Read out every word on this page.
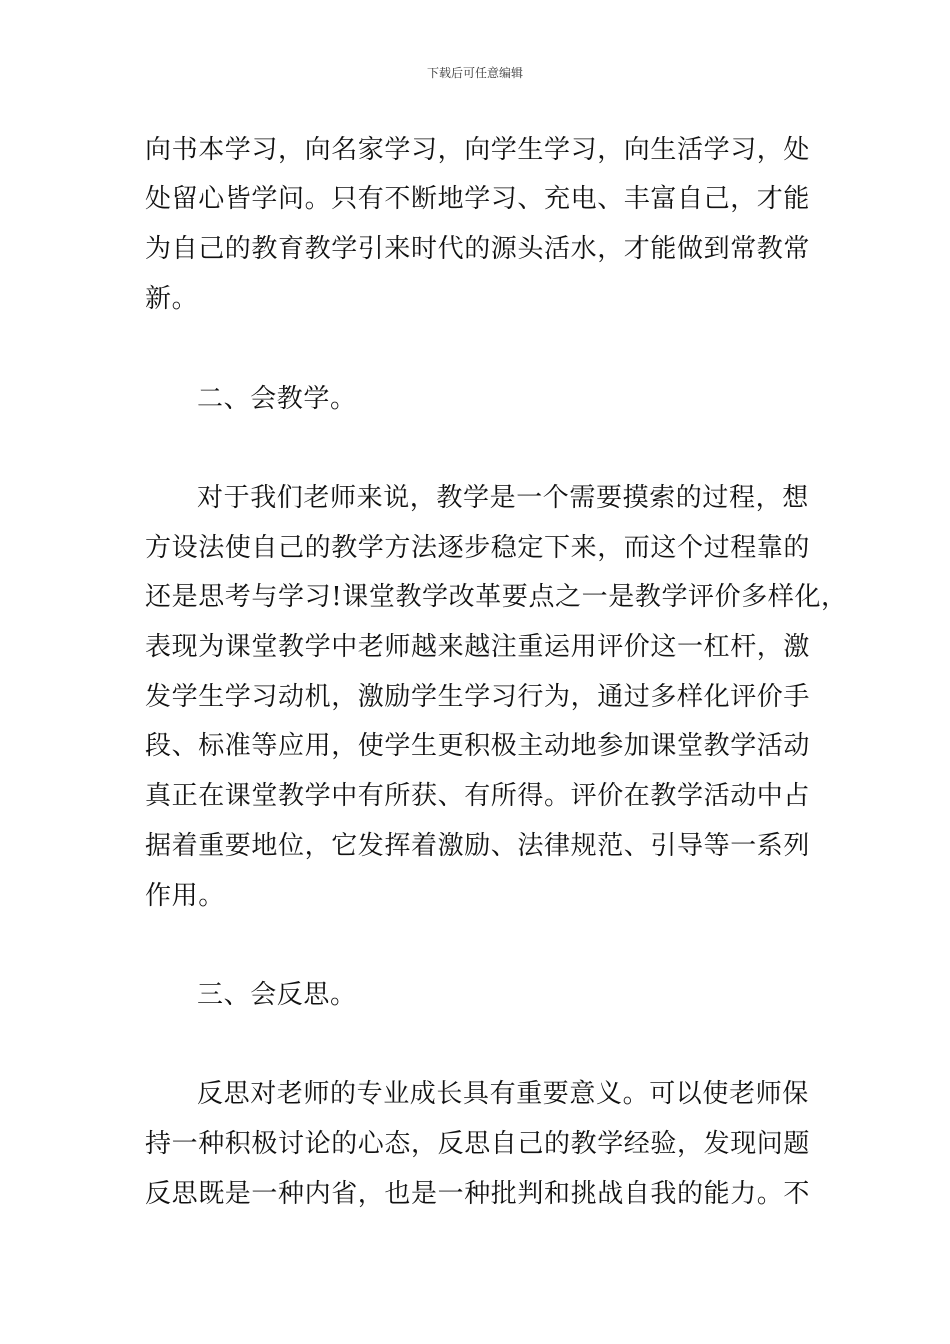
下载后可任意编辑
向书本学习，向名家学习，向学生学习，向生活学习，处
处留心皆学问。只有不断地学习、充电、丰富自己，才能
为自己的教育教学引来时代的源头活水，才能做到常教常
新。
二、会教学。
对于我们老师来说，教学是一个需要摸索的过程，想
方设法使自己的教学方法逐步稳定下来，而这个过程靠的
还是思考与学习!课堂教学改革要点之一是教学评价多样化，
表现为课堂教学中老师越来越注重运用评价这一杠杆，激
发学生学习动机，激励学生学习行为，通过多样化评价手
段、标准等应用，使学生更积极主动地参加课堂教学活动
真正在课堂教学中有所获、有所得。评价在教学活动中占
据着重要地位，它发挥着激励、法律规范、引导等一系列
作用。
三、会反思。
反思对老师的专业成长具有重要意义。可以使老师保
持一种积极讨论的心态，反思自己的教学经验，发现问题
反思既是一种内省，也是一种批判和挑战自我的能力。不
